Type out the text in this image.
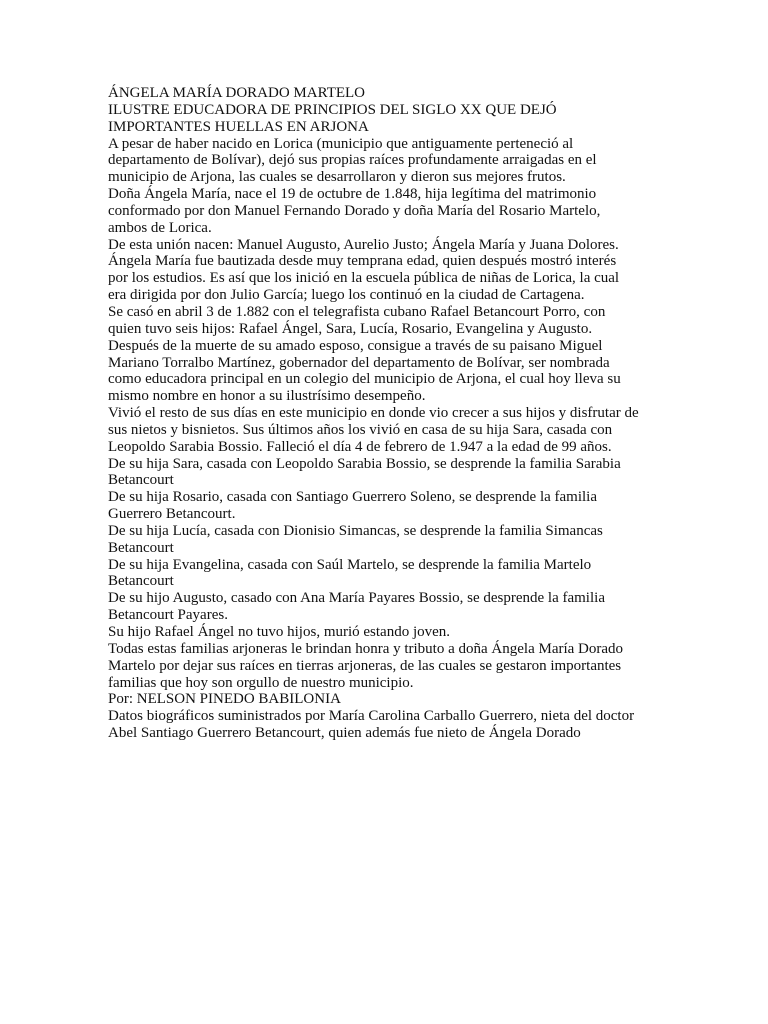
ÁNGELA MARÍA DORADO MARTELO
ILUSTRE EDUCADORA DE PRINCIPIOS DEL SIGLO XX QUE DEJÓ
IMPORTANTES HUELLAS EN ARJONA
A pesar de haber nacido en Lorica (municipio que antiguamente perteneció al
departamento de Bolívar), dejó sus propias raíces profundamente arraigadas en el
municipio de Arjona, las cuales se desarrollaron y dieron sus mejores frutos.
Doña Ángela María, nace el 19 de octubre de 1.848, hija legítima del matrimonio
conformado por don Manuel Fernando Dorado y doña María del Rosario Martelo,
ambos de Lorica.
De esta unión nacen: Manuel Augusto, Aurelio Justo; Ángela María y Juana Dolores.
Ángela María fue bautizada desde muy temprana edad, quien después mostró interés
por los estudios. Es así que los inició en la escuela pública de niñas de Lorica, la cual
era dirigida por don Julio García; luego los continuó en la ciudad de Cartagena.
Se casó en abril 3 de 1.882 con el telegrafista cubano Rafael Betancourt Porro, con
quien tuvo seis hijos: Rafael Ángel, Sara, Lucía, Rosario, Evangelina y Augusto.
Después de la muerte de su amado esposo, consigue a través de su paisano Miguel
Mariano Torralbo Martínez, gobernador del departamento de Bolívar, ser nombrada
como educadora principal en un colegio del municipio de Arjona, el cual hoy lleva su
mismo nombre en honor a su ilustrísimo desempeño.
Vivió el resto de sus días en este municipio en donde vio crecer a sus hijos y disfrutar de
sus nietos y bisnietos. Sus últimos años los vivió en casa de su hija Sara, casada con
Leopoldo Sarabia Bossio. Falleció el día 4 de febrero de 1.947 a la edad de 99 años.
De su hija Sara, casada con Leopoldo Sarabia Bossio, se desprende la familia Sarabia
Betancourt
De su hija Rosario, casada con Santiago Guerrero Soleno, se desprende la familia
Guerrero Betancourt.
De su hija Lucía, casada con Dionisio Simancas, se desprende la familia Simancas
Betancourt
De su hija Evangelina, casada con Saúl Martelo, se desprende la familia Martelo
Betancourt
De su hijo Augusto, casado con Ana María Payares Bossio, se desprende la familia
Betancourt Payares.
Su hijo Rafael Ángel no tuvo hijos, murió estando joven.
Todas estas familias arjoneras le brindan honra y tributo a doña Ángela María Dorado
Martelo por dejar sus raíces en tierras arjoneras, de las cuales se gestaron importantes
familias que hoy son orgullo de nuestro municipio.
Por: NELSON PINEDO BABILONIA
Datos biográficos suministrados por María Carolina Carballo Guerrero, nieta del doctor
Abel Santiago Guerrero Betancourt, quien además fue nieto de Ángela Dorado
